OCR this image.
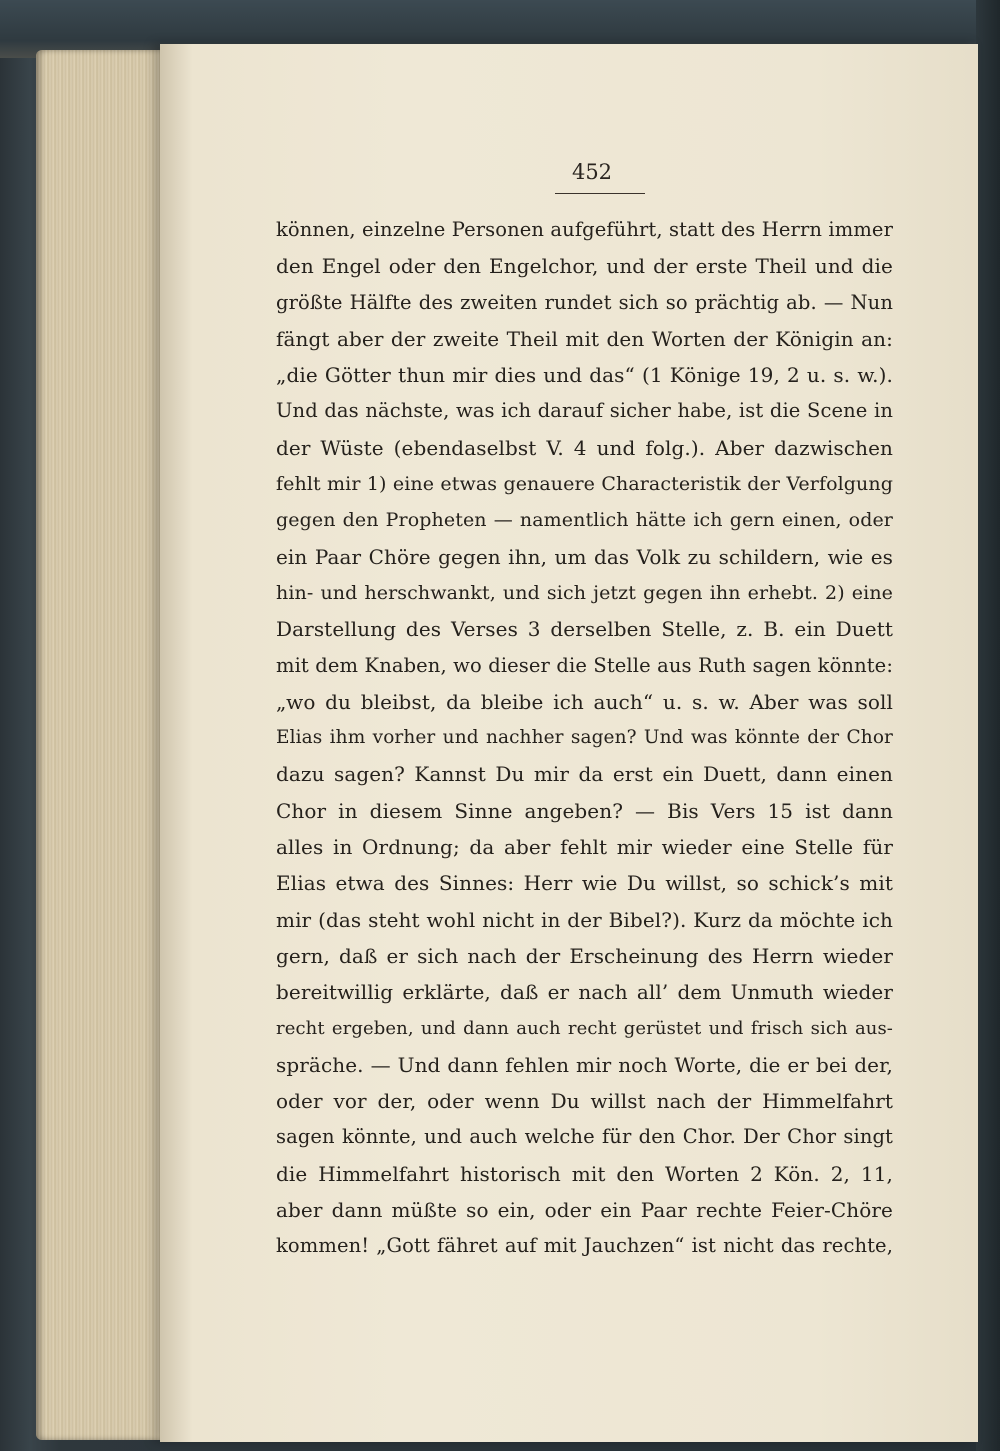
452
können, einzelne Personen aufgeführt, statt des Herrn immer
den Engel oder den Engelchor, und der erste Theil und die
größte Hälfte des zweiten rundet sich so prächtig ab. — Nun
fängt aber der zweite Theil mit den Worten der Königin an:
„die Götter thun mir dies und das“ (1 Könige 19, 2 u. s. w.).
Und das nächste, was ich darauf sicher habe, ist die Scene in
der Wüste (ebendaselbst V. 4 und folg.). Aber dazwischen
fehlt mir 1) eine etwas genauere Characteristik der Verfolgung
gegen den Propheten — namentlich hätte ich gern einen, oder
ein Paar Chöre gegen ihn, um das Volk zu schildern, wie es
hin- und herschwankt, und sich jetzt gegen ihn erhebt. 2) eine
Darstellung des Verses 3 derselben Stelle, z. B. ein Duett
mit dem Knaben, wo dieser die Stelle aus Ruth sagen könnte:
„wo du bleibst, da bleibe ich auch“ u. s. w. Aber was soll
Elias ihm vorher und nachher sagen? Und was könnte der Chor
dazu sagen? Kannst Du mir da erst ein Duett, dann einen
Chor in diesem Sinne angeben? — Bis Vers 15 ist dann
alles in Ordnung; da aber fehlt mir wieder eine Stelle für
Elias etwa des Sinnes: Herr wie Du willst, so schick’s mit
mir (das steht wohl nicht in der Bibel?). Kurz da möchte ich
gern, daß er sich nach der Erscheinung des Herrn wieder
bereitwillig erklärte, daß er nach all’ dem Unmuth wieder
recht ergeben, und dann auch recht gerüstet und frisch sich aus-
spräche. — Und dann fehlen mir noch Worte, die er bei der,
oder vor der, oder wenn Du willst nach der Himmelfahrt
sagen könnte, und auch welche für den Chor. Der Chor singt
die Himmelfahrt historisch mit den Worten 2 Kön. 2, 11,
aber dann müßte so ein, oder ein Paar rechte Feier-Chöre
kommen! „Gott fähret auf mit Jauchzen“ ist nicht das rechte,
